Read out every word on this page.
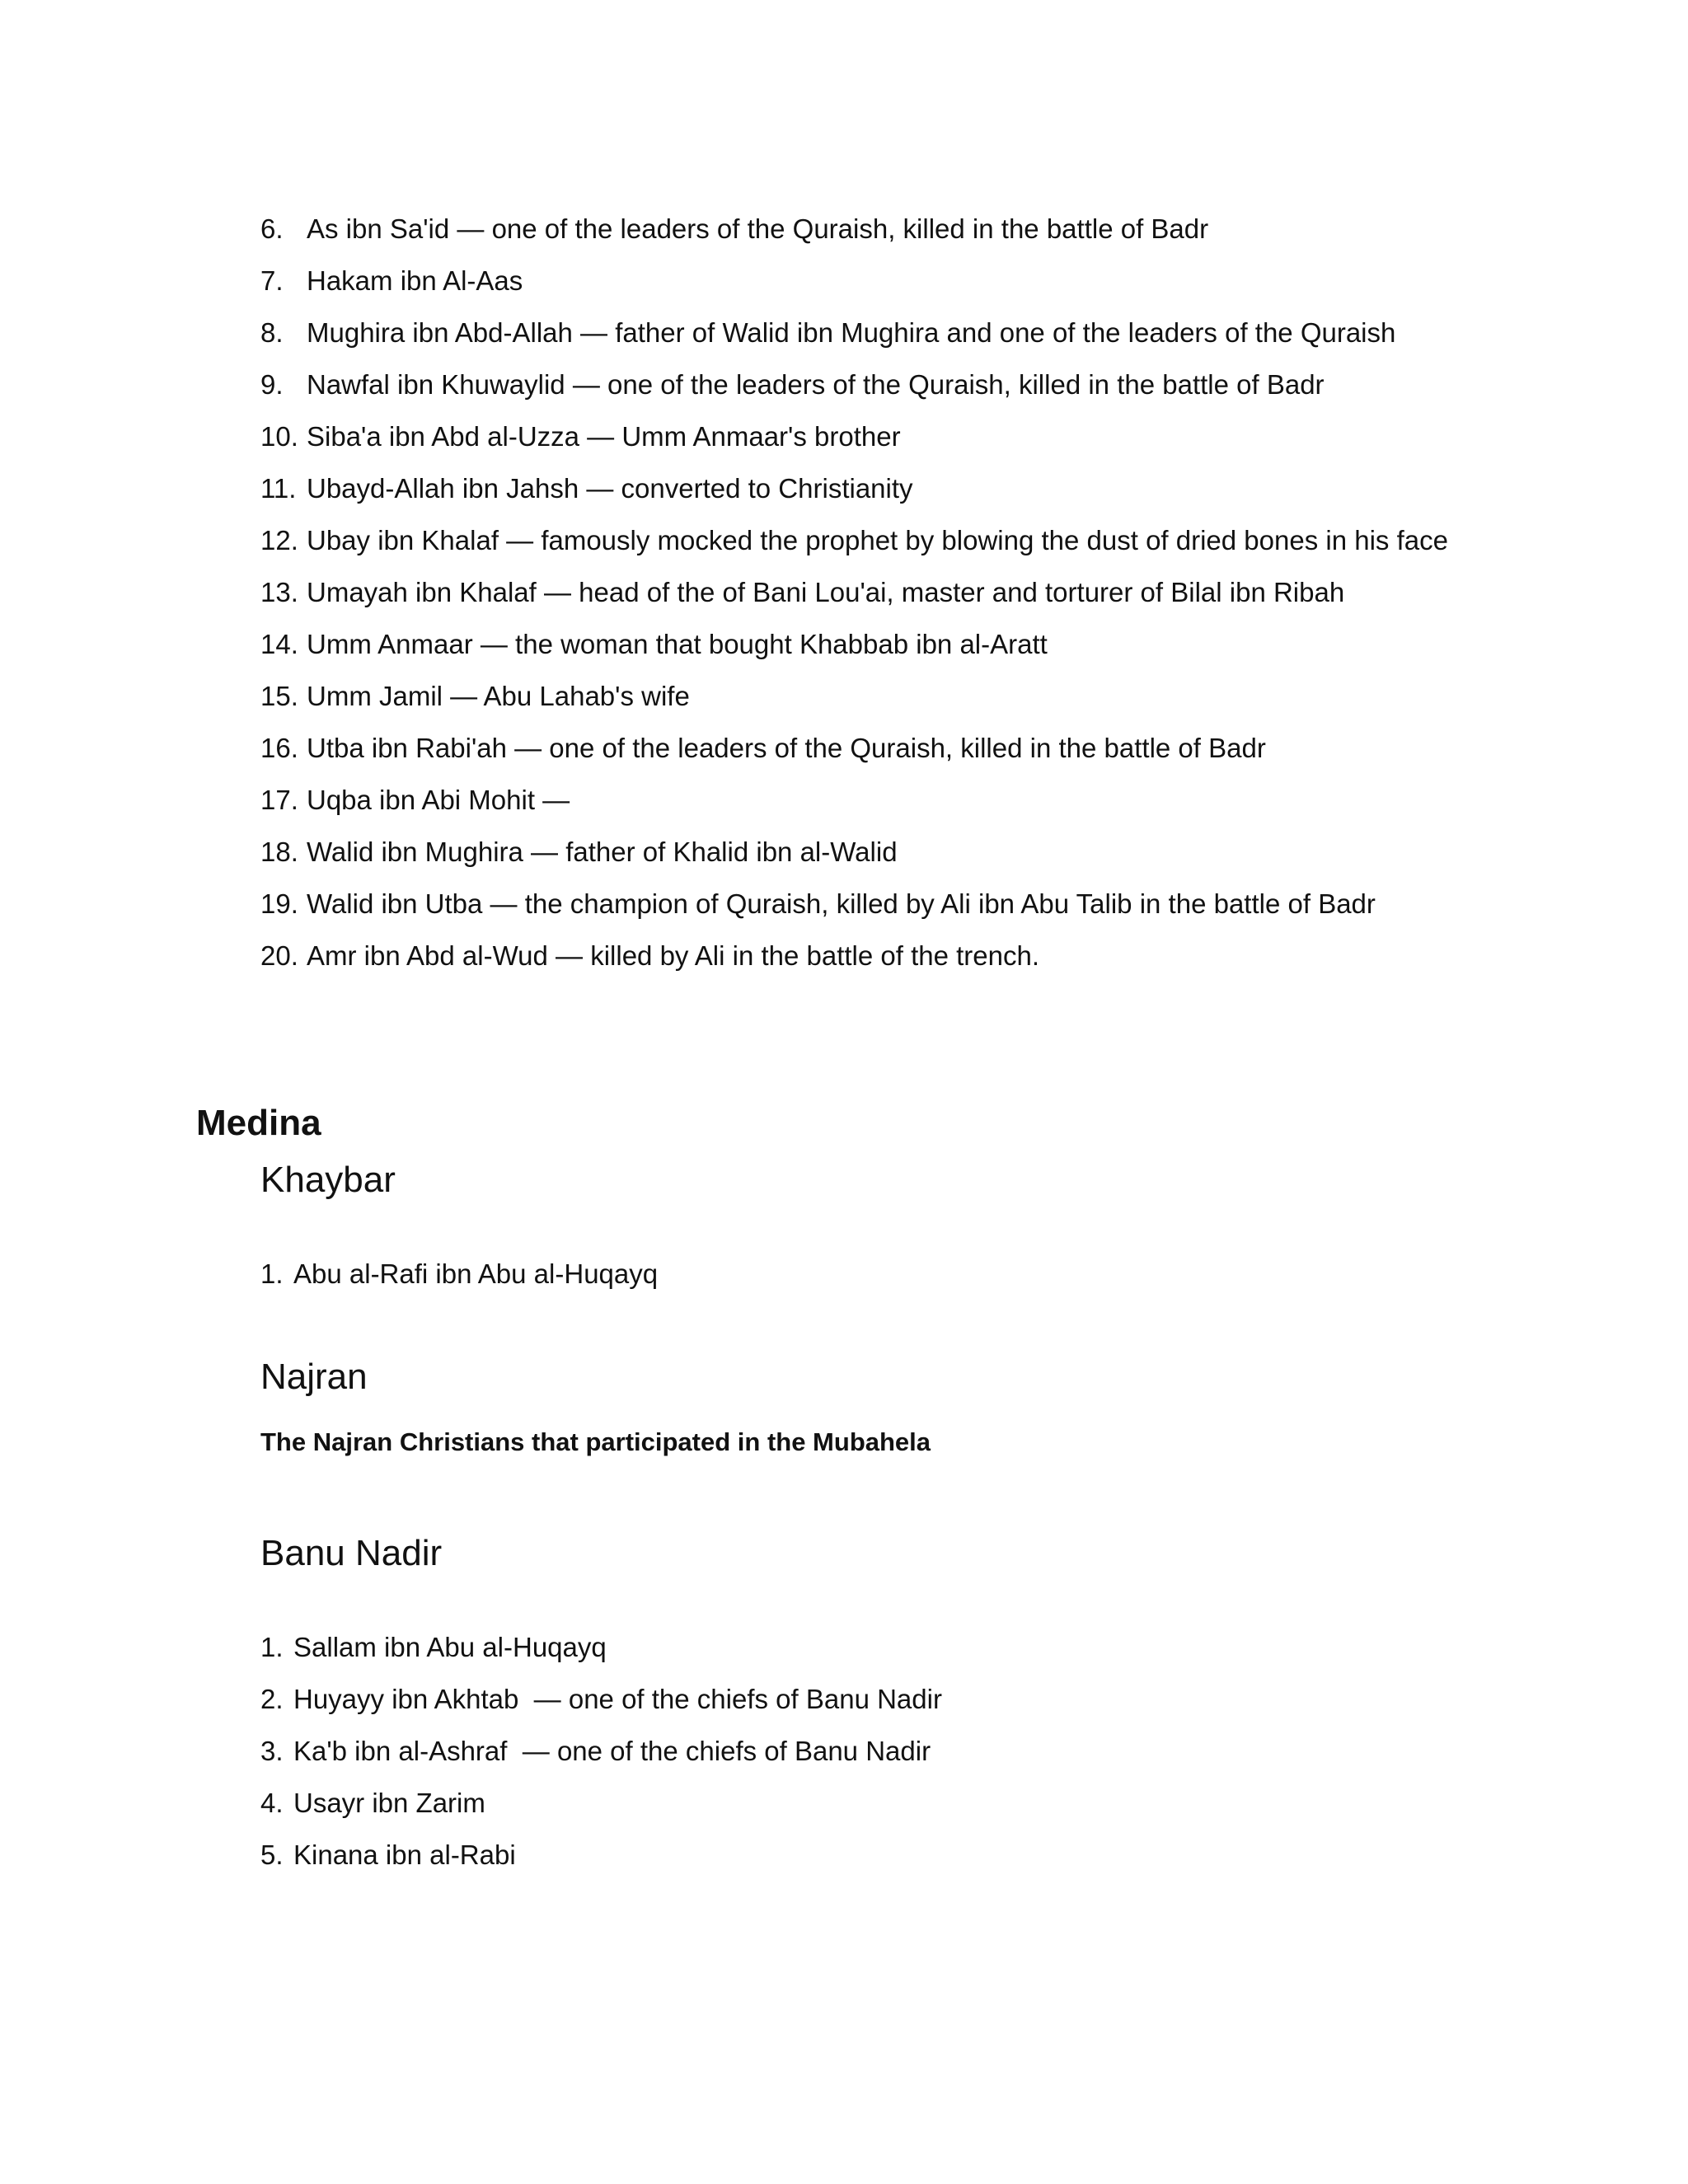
6. As ibn Sa'id — one of the leaders of the Quraish, killed in the battle of Badr
7. Hakam ibn Al-Aas
8. Mughira ibn Abd-Allah — father of Walid ibn Mughira and one of the leaders of the Quraish
9. Nawfal ibn Khuwaylid — one of the leaders of the Quraish, killed in the battle of Badr
10. Siba'a ibn Abd al-Uzza — Umm Anmaar's brother
11. Ubayd-Allah ibn Jahsh — converted to Christianity
12. Ubay ibn Khalaf — famously mocked the prophet by blowing the dust of dried bones in his face
13. Umayah ibn Khalaf — head of the of Bani Lou'ai, master and torturer of Bilal ibn Ribah
14. Umm Anmaar — the woman that bought Khabbab ibn al-Aratt
15. Umm Jamil — Abu Lahab's wife
16. Utba ibn Rabi'ah — one of the leaders of the Quraish, killed in the battle of Badr
17. Uqba ibn Abi Mohit —
18. Walid ibn Mughira — father of Khalid ibn al-Walid
19. Walid ibn Utba — the champion of Quraish, killed by Ali ibn Abu Talib in the battle of Badr
20. Amr ibn Abd al-Wud — killed by Ali in the battle of the trench.
Medina
Khaybar
1. Abu al-Rafi ibn Abu al-Huqayq
Najran
The Najran Christians that participated in the Mubahela
Banu Nadir
1. Sallam ibn Abu al-Huqayq
2. Huyayy ibn Akhtab  — one of the chiefs of Banu Nadir
3. Ka'b ibn al-Ashraf  — one of the chiefs of Banu Nadir
4. Usayr ibn Zarim
5. Kinana ibn al-Rabi
